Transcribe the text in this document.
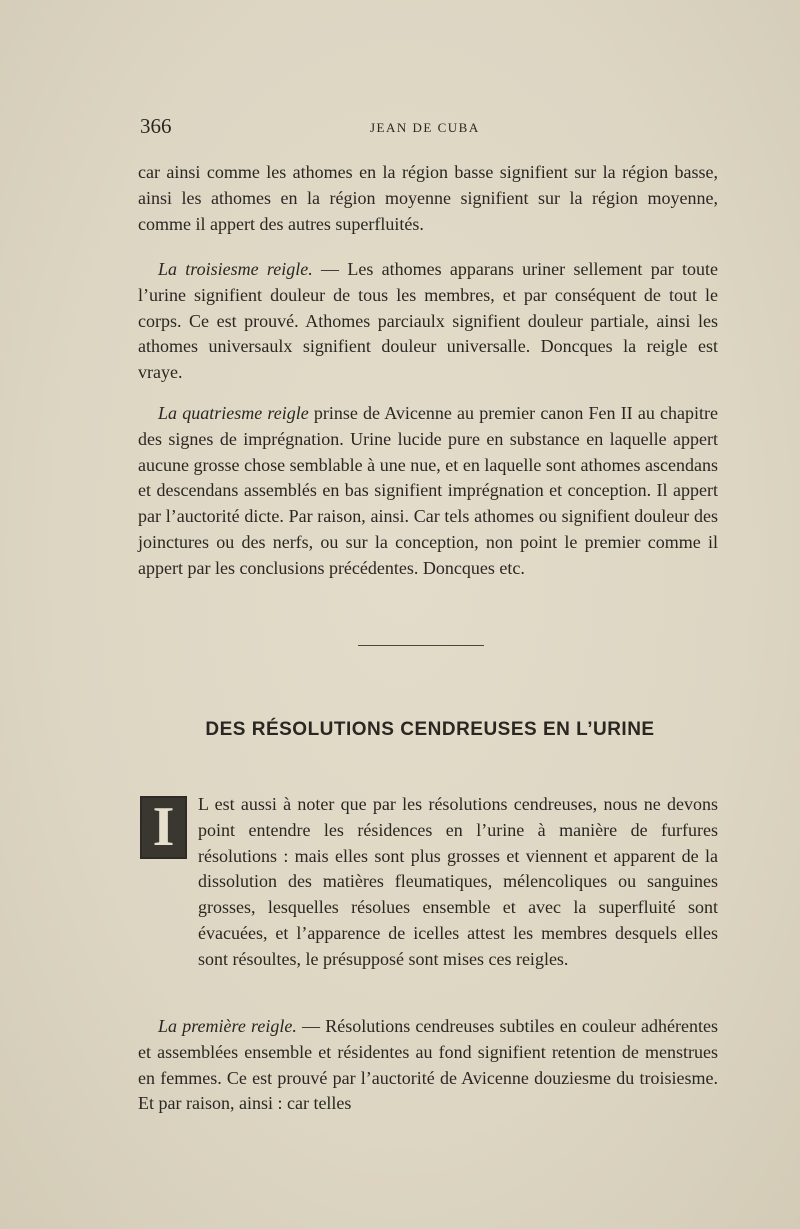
366	JEAN DE CUBA

car ainsi comme les athomes en la région basse signifient sur la région basse, ainsi les athomes en la région moyenne signifient sur la région moyenne, comme il appert des autres superfluités.

La troisiesme reigle. — Les athomes apparans uriner sellement par toute l’urine signifient douleur de tous les membres, et par conséquent de tout le corps. Ce est prouvé. Athomes parciaulx signifient douleur partiale, ainsi les athomes universaulx signifient douleur universalle. Doncques la reigle est vraye.

La quatriesme reigle prinse de Avicenne au premier canon Fen II au chapitre des signes de imprégnation. Urine lucide pure en substance en laquelle appert aucune grosse chose semblable à une nue, et en laquelle sont athomes ascendans et descendans assemblés en bas signifient imprégnation et conception. Il appert par l’auctorité dicte. Par raison, ainsi. Car tels athomes ou signifient douleur des joinctures ou des nerfs, ou sur la conception, non point le premier comme il appert par les conclusions précédentes. Doncques etc.

DES RÉSOLUTIONS CENDREUSES EN L’URINE
I	L est aussi à noter que par les résolutions cendreuses, nous ne devons point entendre les résidences en l’urine à manière de furfures résolutions : mais elles sont plus grosses et viennent et apparent de la dissolution des matières fleumatiques, mélencoliques ou sanguines grosses, lesquelles résolues ensemble et avec la superfluité sont évacuées, et l’apparence de icelles attest les membres desquels elles sont résoultes, le présupposé sont mises ces reigles.

La première reigle. — Résolutions cendreuses subtiles en couleur adhérentes et assemblées ensemble et résidentes au fond signifient retention de menstrues en femmes. Ce est prouvé par l’auctorité de Avicenne douziesme du troisiesme. Et par raison, ainsi : car telles
